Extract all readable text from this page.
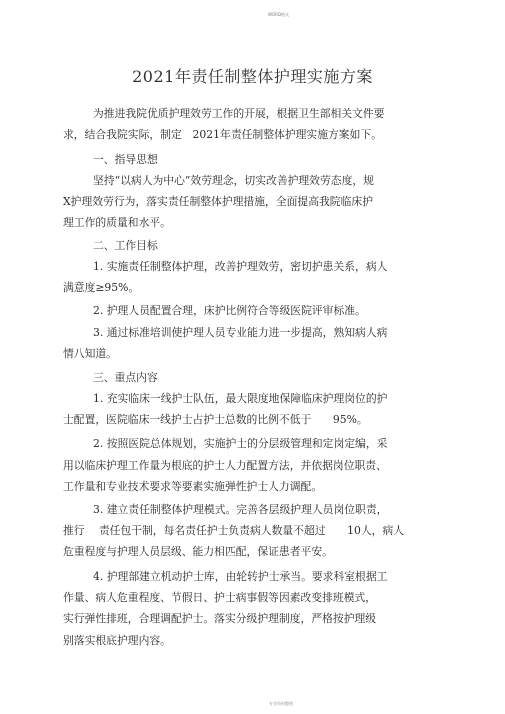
WORD格式
2021年责任制整体护理实施方案
为推进我院优质护理效劳工作的开展，根据卫生部相关文件要
求，结合我院实际，制定　2021年责任制整体护理实施方案如下。
一、指导思想
坚持“以病人为中心”效劳理念，切实改善护理效劳态度，规
X护理效劳行为，落实责任制整体护理措施，全面提高我院临床护
理工作的质量和水平。
二、工作目标
1. 实施责任制整体护理，改善护理效劳，密切护患关系，病人
满意度≥95%。
2. 护理人员配置合理，床护比例符合等级医院评审标准。
3. 通过标准培训使护理人员专业能力进一步提高，熟知病人病
情八知道。
三、重点内容
1. 充实临床一线护士队伍，最大限度地保障临床护理岗位的护
士配置，医院临床一线护士占护士总数的比例不低于　　95%。
2. 按照医院总体规划，实施护士的分层级管理和定岗定编，采
用以临床护理工作量为根底的护士人力配置方法，并依据岗位职责、
工作量和专业技术要求等要素实施弹性护士人力调配。
3. 建立责任制整体护理模式。完善各层级护理人员岗位职责，
推行　 责任包干制，每名责任护士负责病人数量不超过　　10人，病人
危重程度与护理人员层级、能力相匹配，保证患者平安。
4. 护理部建立机动护士库，由轮转护士承当。要求科室根据工
作量、病人危重程度、节假日、护士病事假等因素改变排班模式，
实行弹性排班，合理调配护士。落实分级护理制度，严格按护理级
别落实根底护理内容。
专业资料整理
